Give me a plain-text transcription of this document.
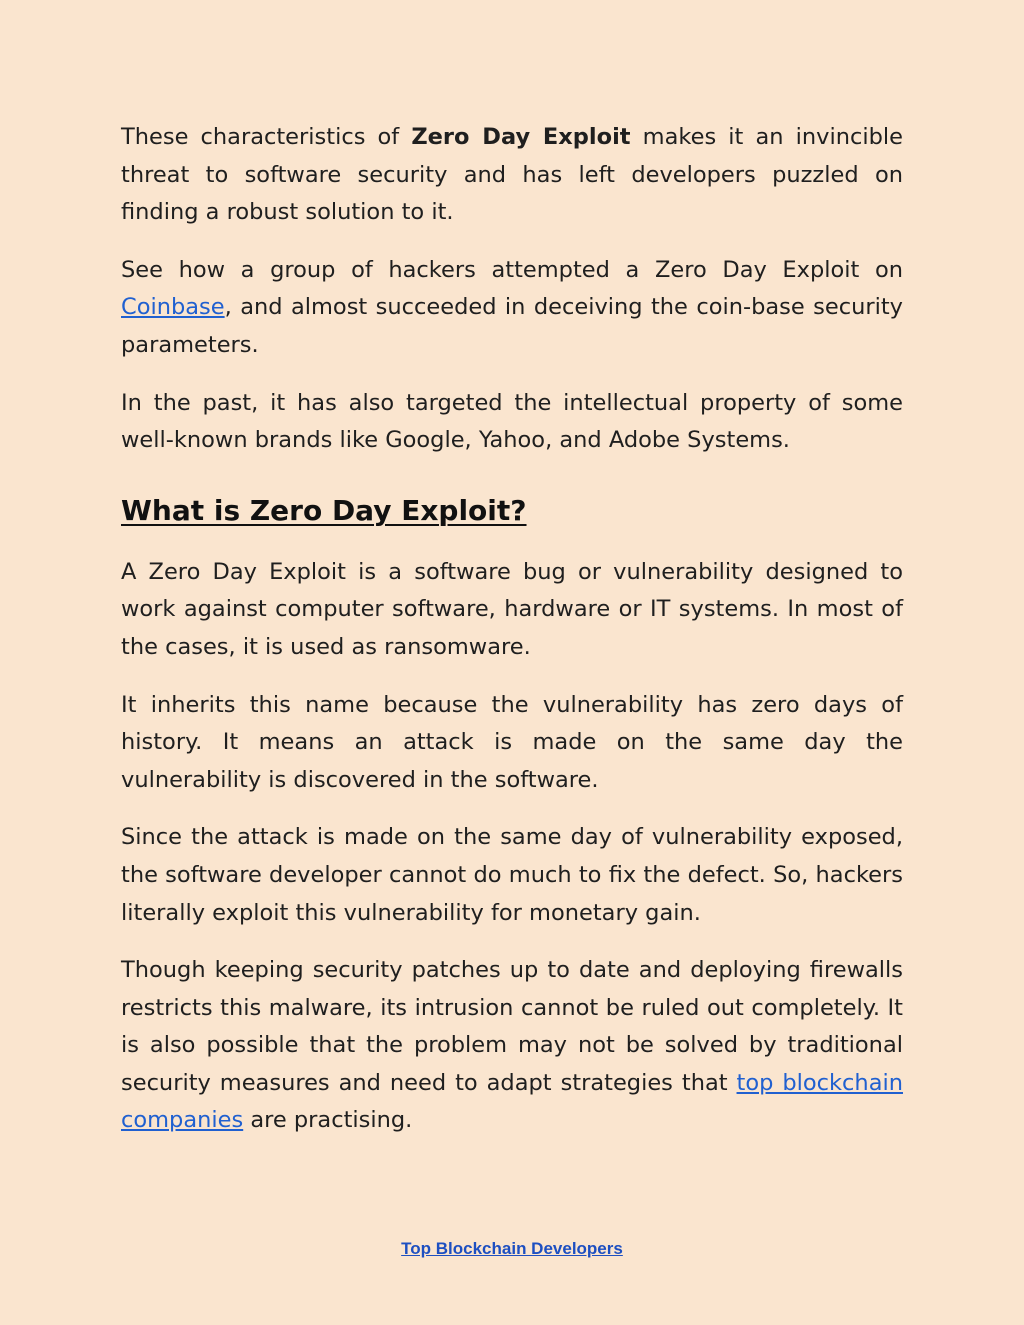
These characteristics of Zero Day Exploit makes it an invincible threat to software security and has left developers puzzled on finding a robust solution to it.

See how a group of hackers attempted a Zero Day Exploit on Coinbase, and almost succeeded in deceiving the coin-base security parameters.

In the past, it has also targeted the intellectual property of some well-known brands like Google, Yahoo, and Adobe Systems.

What is Zero Day Exploit?

A Zero Day Exploit is a software bug or vulnerability designed to work against computer software, hardware or IT systems. In most of the cases, it is used as ransomware.

It inherits this name because the vulnerability has zero days of history. It means an attack is made on the same day the vulnerability is discovered in the software.

Since the attack is made on the same day of vulnerability exposed, the software developer cannot do much to fix the defect. So, hackers literally exploit this vulnerability for monetary gain.

Though keeping security patches up to date and deploying firewalls restricts this malware, its intrusion cannot be ruled out completely. It is also possible that the problem may not be solved by traditional security measures and need to adapt strategies that top blockchain companies are practising.

Top Blockchain Developers
